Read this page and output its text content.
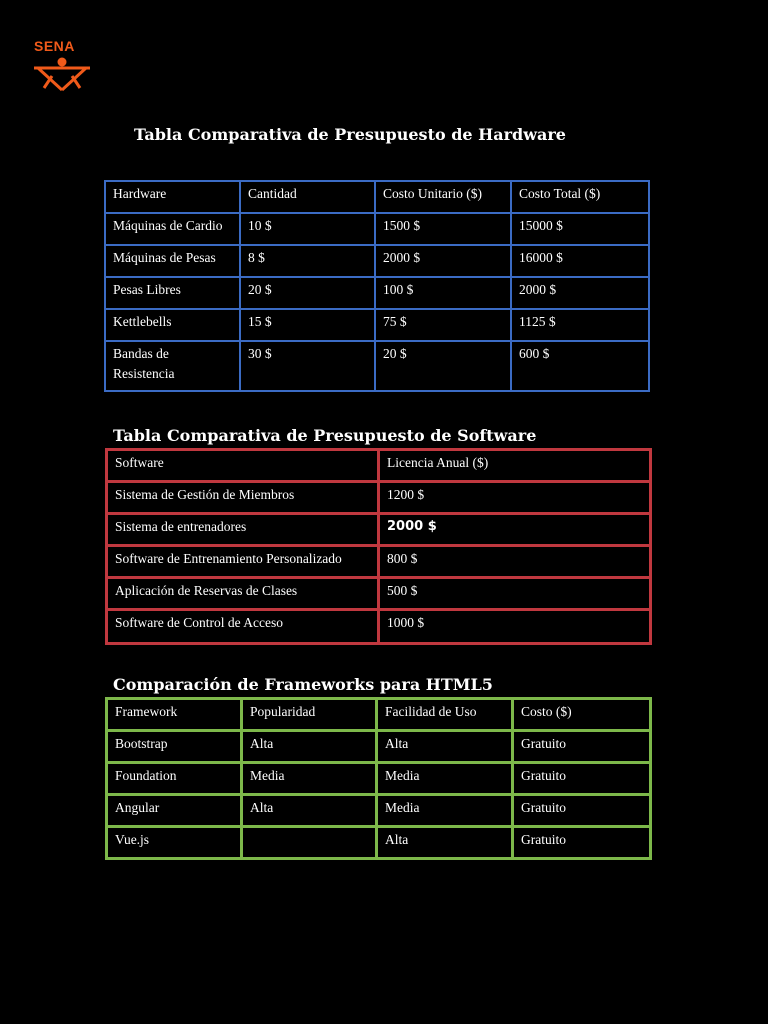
SENA
Tabla Comparativa de Presupuesto de Hardware
Hardware	Cantidad	Costo Unitario ($)	Costo Total ($)
Máquinas de Cardio	10 $	1500 $	15000 $
Máquinas de Pesas	8 $	2000 $	16000 $
Pesas Libres	20 $	100 $	2000 $
Kettlebells	15 $	75 $	1125 $
Bandas de Resistencia	30 $	20 $	600 $
Tabla Comparativa de Presupuesto de Software
Software	Licencia Anual ($)
Sistema de Gestión de Miembros	1200 $
Sistema de entrenadores	2000 $
Software de Entrenamiento Personalizado	800 $
Aplicación de Reservas de Clases	500 $
Software de Control de Acceso	1000 $
Comparación de Frameworks para HTML5
Framework	Popularidad	Facilidad de Uso	Costo ($)
Bootstrap	Alta	Alta	Gratuito
Foundation	Media	Media	Gratuito
Angular	Alta	Media	Gratuito
Vue.js		Alta	Gratuito
